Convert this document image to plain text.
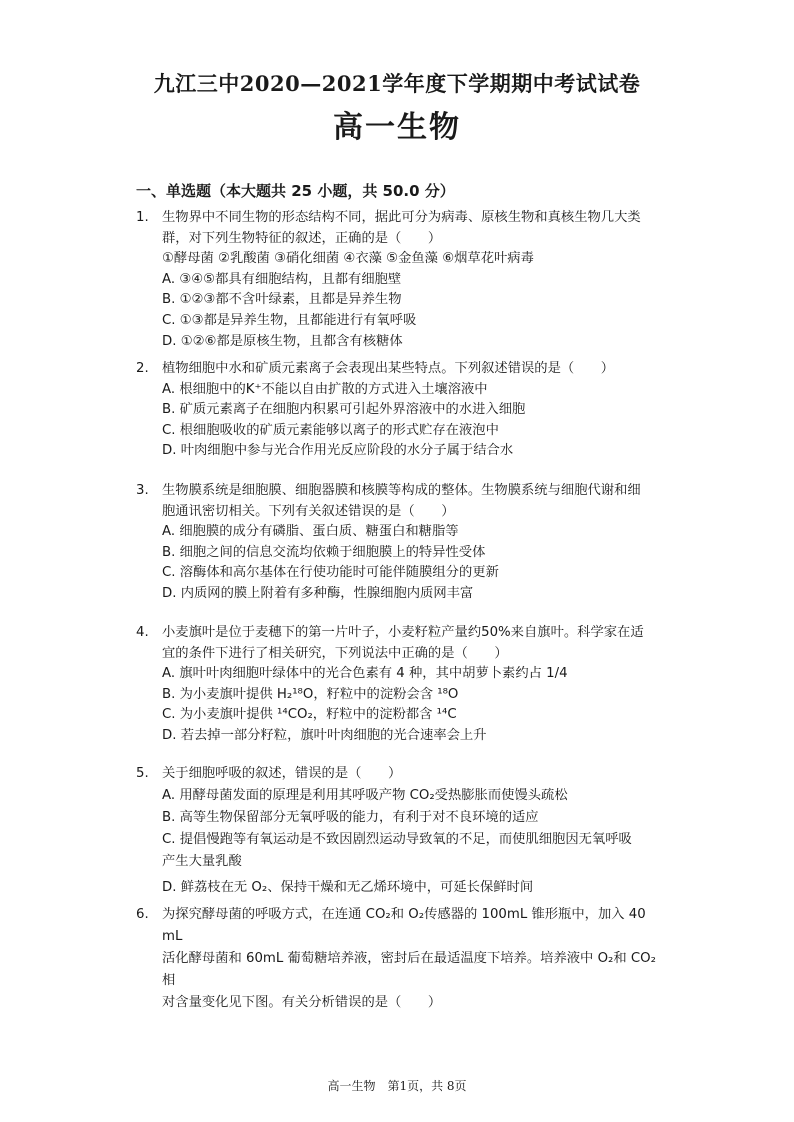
九江三中2020—2021学年度下学期期中考试试卷
高一生物
一、单选题（本大题共 25 小题，共 50.0 分）
1.	生物界中不同生物的形态结构不同，据此可分为病毒、原核生物和真核生物几大类
群，对下列生物特征的叙述，正确的是（　　）
①酵母菌 ②乳酸菌 ③硝化细菌 ④衣藻 ⑤金鱼藻 ⑥烟草花叶病毒
A. ③④⑤都具有细胞结构，且都有细胞壁
B. ①②③都不含叶绿素，且都是异养生物
C. ①③都是异养生物，且都能进行有氧呼吸
D. ①②⑥都是原核生物，且都含有核糖体
2.	植物细胞中水和矿质元素离子会表现出某些特点。下列叙述错误的是（　　）
A. 根细胞中的K⁺不能以自由扩散的方式进入土壤溶液中
B. 矿质元素离子在细胞内积累可引起外界溶液中的水进入细胞
C. 根细胞吸收的矿质元素能够以离子的形式贮存在液泡中
D. 叶肉细胞中参与光合作用光反应阶段的水分子属于结合水
3.	生物膜系统是细胞膜、细胞器膜和核膜等构成的整体。生物膜系统与细胞代谢和细
胞通讯密切相关。下列有关叙述错误的是（　　）
A. 细胞膜的成分有磷脂、蛋白质、糖蛋白和糖脂等
B. 细胞之间的信息交流均依赖于细胞膜上的特异性受体
C. 溶酶体和高尔基体在行使功能时可能伴随膜组分的更新
D. 内质网的膜上附着有多种酶，性腺细胞内质网丰富
4.	小麦旗叶是位于麦穗下的第一片叶子，小麦籽粒产量约50%来自旗叶。科学家在适
宜的条件下进行了相关研究，下列说法中正确的是（　　）
A. 旗叶叶肉细胞叶绿体中的光合色素有 4 种，其中胡萝卜素约占 1/4
B. 为小麦旗叶提供 H₂¹⁸O，籽粒中的淀粉会含 ¹⁸O
C. 为小麦旗叶提供 ¹⁴CO₂，籽粒中的淀粉都含 ¹⁴C
D. 若去掉一部分籽粒，旗叶叶肉细胞的光合速率会上升
5.	关于细胞呼吸的叙述，错误的是（　　）
A. 用酵母菌发面的原理是利用其呼吸产物 CO₂受热膨胀而使馒头疏松
B. 高等生物保留部分无氧呼吸的能力，有利于对不良环境的适应
C. 提倡慢跑等有氧运动是不致因剧烈运动导致氧的不足，而使肌细胞因无氧呼吸
产生大量乳酸
D. 鲜荔枝在无 O₂、保持干燥和无乙烯环境中，可延长保鲜时间
6.	为探究酵母菌的呼吸方式，在连通 CO₂和 O₂传感器的 100mL 锥形瓶中，加入 40 mL
活化酵母菌和 60mL 葡萄糖培养液，密封后在最适温度下培养。培养液中 O₂和 CO₂相
对含量变化见下图。有关分析错误的是（　　）
高一生物　第1页，共 8页
